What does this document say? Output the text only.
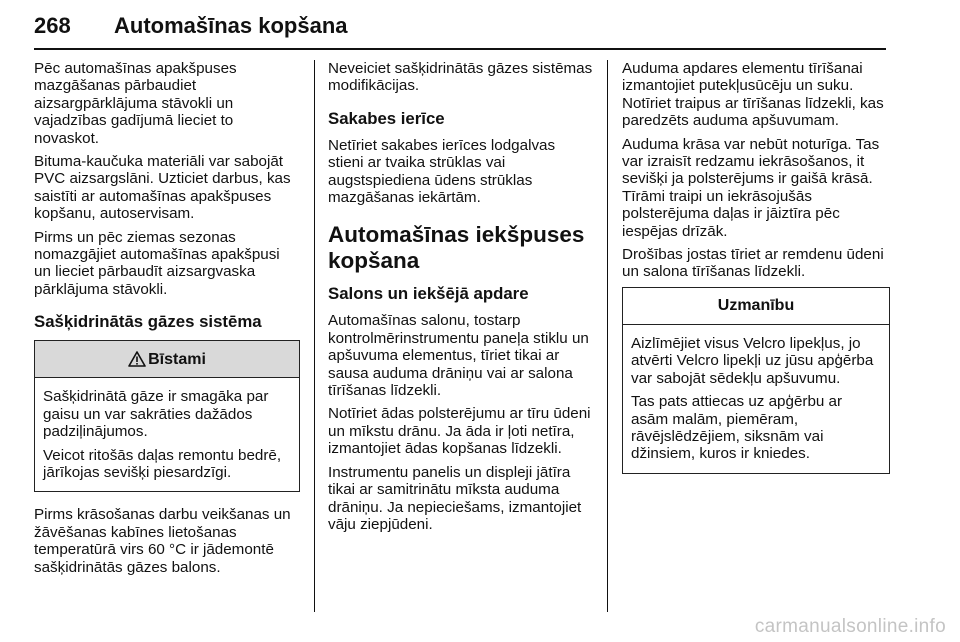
268 Automašīnas kopšana

Pēc automašīnas apakšpuses mazgāšanas pārbaudiet aizsargpārklājuma stāvokli un vajadzības gadījumā lieciet to novaskot.

Bituma-kaučuka materiāli var sabojāt PVC aizsargslāni. Uzticiet darbus, kas saistīti ar automašīnas apakšpuses kopšanu, autoservisam.

Pirms un pēc ziemas sezonas nomazgājiet automašīnas apakšpusi un lieciet pārbaudīt aizsargvaska pārklājuma stāvokli.

Sašķidrinātās gāzes sistēma
Bīstami

Sašķidrinātā gāze ir smagāka par gaisu un var sakrāties dažādos padziļinājumos.

Veicot ritošās daļas remontu bedrē, jārīkojas sevišķi piesardzīgi.

Pirms krāsošanas darbu veikšanas un žāvēšanas kabīnes lietošanas temperatūrā virs 60 °C ir jādemontē sašķidrinātās gāzes balons.

Neveiciet sašķidrinātās gāzes sistēmas modifikācijas.

Sakabes ierīce

Netīriet sakabes ierīces lodgalvas stieni ar tvaika strūklas vai augstspiediena ūdens strūklas mazgāšanas iekārtām.

Automašīnas iekšpuses kopšana
Salons un iekšējā apdare

Automašīnas salonu, tostarp kontrolmērinstrumentu paneļa stiklu un apšuvuma elementus, tīriet tikai ar sausa auduma drāniņu vai ar salona tīrīšanas līdzekli.

Notīriet ādas polsterējumu ar tīru ūdeni un mīkstu drānu. Ja āda ir ļoti netīra, izmantojiet ādas kopšanas līdzekli.

Instrumentu panelis un displeji jātīra tikai ar samitrinātu mīksta auduma drāniņu. Ja nepieciešams, izmantojiet vāju ziepjūdeni.

Auduma apdares elementu tīrīšanai izmantojiet putekļusūcēju un suku. Notīriet traipus ar tīrīšanas līdzekli, kas paredzēts auduma apšuvumam.

Auduma krāsa var nebūt noturīga. Tas var izraisīt redzamu iekrāsošanos, it sevišķi ja polsterējums ir gaišā krāsā. Tīrāmi traipi un iekrāsojušās polsterējuma daļas ir jāiztīra pēc iespējas drīzāk.

Drošības jostas tīriet ar remdenu ūdeni un salona tīrīšanas līdzekli.

Uzmanību

Aizlīmējiet visus Velcro lipekļus, jo atvērti Velcro lipekļi uz jūsu apģērba var sabojāt sēdekļu apšuvumu.

Tas pats attiecas uz apģērbu ar asām malām, piemēram, rāvējslēdzējiem, siksnām vai džinsiem, kuros ir kniedes.

carmanualsonline.info
